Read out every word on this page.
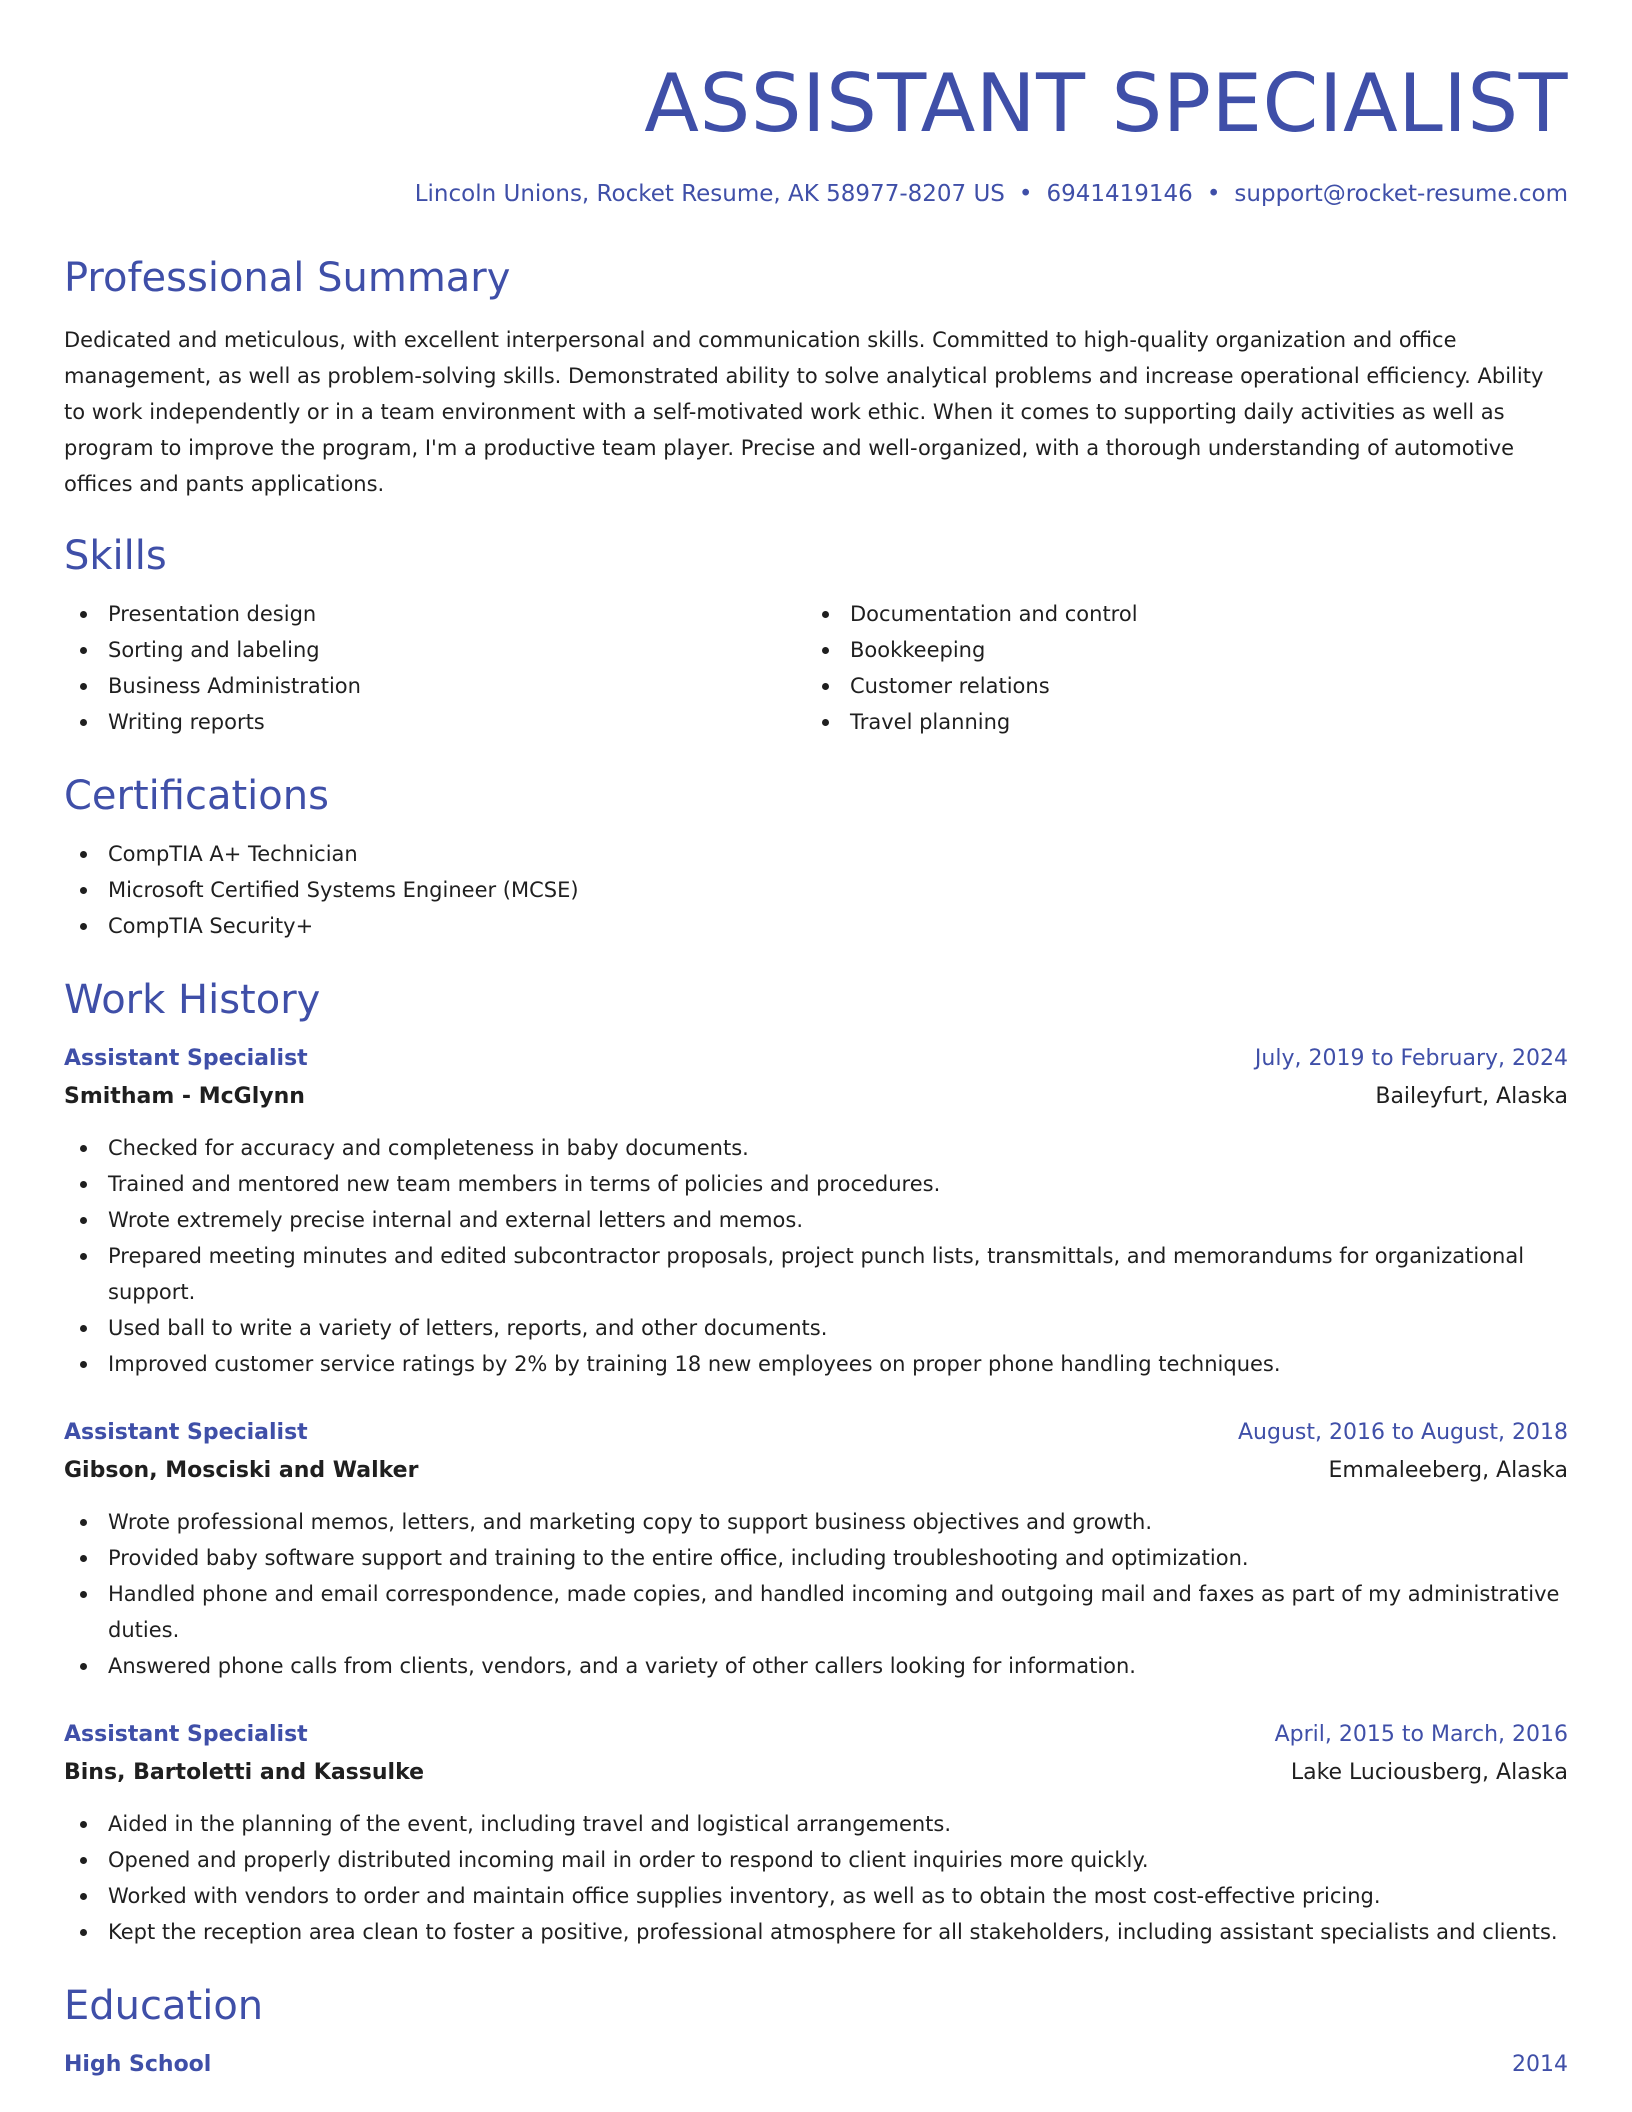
ASSISTANT SPECIALIST
Lincoln Unions, Rocket Resume, AK 58977-8207 US • 6941419146 • support@rocket-resume.com
Professional Summary

Dedicated and meticulous, with excellent interpersonal and communication skills. Committed to high-quality organization and office management, as well as problem-solving skills. Demonstrated ability to solve analytical problems and increase operational efficiency. Ability to work independently or in a team environment with a self-motivated work ethic. When it comes to supporting daily activities as well as program to improve the program, I'm a productive team player. Precise and well-organized, with a thorough understanding of automotive offices and pants applications.

Skills
Presentation design
Sorting and labeling
Business Administration
Writing reports
Documentation and control
Bookkeeping
Customer relations
Travel planning
Certifications
CompTIA A+ Technician
Microsoft Certified Systems Engineer (MCSE)
CompTIA Security+
Work History
Assistant Specialist	July, 2019 to February, 2024
Smitham - McGlynn	Baileyfurt, Alaska
Checked for accuracy and completeness in baby documents.
Trained and mentored new team members in terms of policies and procedures.
Wrote extremely precise internal and external letters and memos.
Prepared meeting minutes and edited subcontractor proposals, project punch lists, transmittals, and memorandums for organizational support.
Used ball to write a variety of letters, reports, and other documents.
Improved customer service ratings by 2% by training 18 new employees on proper phone handling techniques.
Assistant Specialist	August, 2016 to August, 2018
Gibson, Mosciski and Walker	Emmaleeberg, Alaska
Wrote professional memos, letters, and marketing copy to support business objectives and growth.
Provided baby software support and training to the entire office, including troubleshooting and optimization.
Handled phone and email correspondence, made copies, and handled incoming and outgoing mail and faxes as part of my administrative duties.
Answered phone calls from clients, vendors, and a variety of other callers looking for information.
Assistant Specialist	April, 2015 to March, 2016
Bins, Bartoletti and Kassulke	Lake Luciousberg, Alaska
Aided in the planning of the event, including travel and logistical arrangements.
Opened and properly distributed incoming mail in order to respond to client inquiries more quickly.
Worked with vendors to order and maintain office supplies inventory, as well as to obtain the most cost-effective pricing.
Kept the reception area clean to foster a positive, professional atmosphere for all stakeholders, including assistant specialists and clients.
Education
High School	2014
